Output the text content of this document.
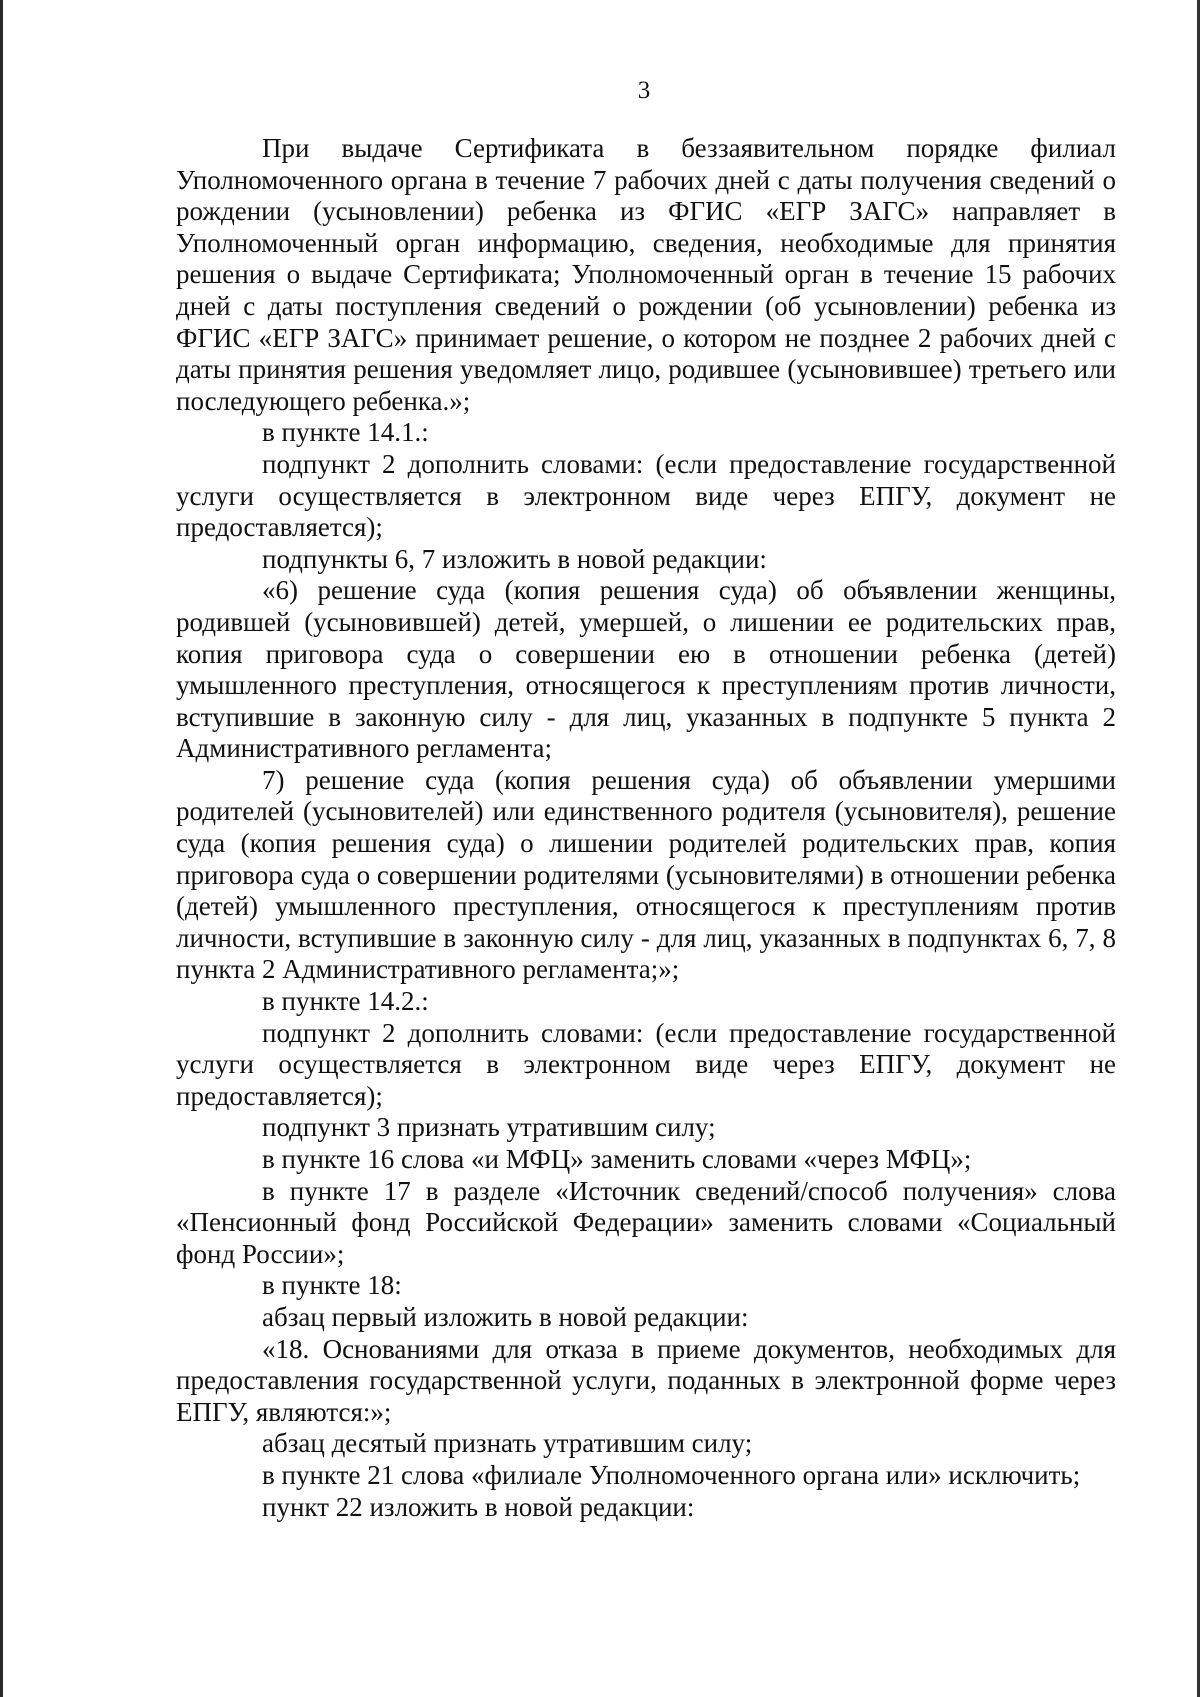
3

При выдаче Сертификата в беззаявительном порядке филиал Уполномоченного органа в течение 7 рабочих дней с даты получения сведений о рождении (усыновлении) ребенка из ФГИС «ЕГР ЗАГС» направляет в Уполномоченный орган информацию, сведения, необходимые для принятия решения о выдаче Сертификата; Уполномоченный орган в течение 15 рабочих дней с даты поступления сведений о рождении (об усыновлении) ребенка из ФГИС «ЕГР ЗАГС» принимает решение, о котором не позднее 2 рабочих дней с даты принятия решения уведомляет лицо, родившее (усыновившее) третьего или последующего ребенка.»;

в пункте 14.1.:

подпункт 2 дополнить словами: (если предоставление государственной услуги осуществляется в электронном виде через ЕПГУ, документ не предоставляется);

подпункты 6, 7 изложить в новой редакции:

«6) решение суда (копия решения суда) об объявлении женщины, родившей (усыновившей) детей, умершей, о лишении ее родительских прав, копия приговора суда о совершении ею в отношении ребенка (детей) умышленного преступления, относящегося к преступлениям против личности, вступившие в законную силу - для лиц, указанных в подпункте 5 пункта 2 Административного регламента;

7) решение суда (копия решения суда) об объявлении умершими родителей (усыновителей) или единственного родителя (усыновителя), решение суда (копия решения суда) о лишении родителей родительских прав, копия приговора суда о совершении родителями (усыновителями) в отношении ребенка (детей) умышленного преступления, относящегося к преступлениям против личности, вступившие в законную силу - для лиц, указанных в подпунктах 6, 7, 8 пункта 2 Административного регламента;»;

в пункте 14.2.:

подпункт 2 дополнить словами: (если предоставление государственной услуги осуществляется в электронном виде через ЕПГУ, документ не предоставляется);

подпункт 3 признать утратившим силу;

в пункте 16 слова «и МФЦ» заменить словами «через МФЦ»;

в пункте 17 в разделе «Источник сведений/способ получения» слова «Пенсионный фонд Российской Федерации» заменить словами «Социальный фонд России»;

в пункте 18:

абзац первый изложить в новой редакции:

«18. Основаниями для отказа в приеме документов, необходимых для предоставления государственной услуги, поданных в электронной форме через ЕПГУ, являются:»;

абзац десятый признать утратившим силу;

в пункте 21 слова «филиале Уполномоченного органа или» исключить;

пункт 22 изложить в новой редакции:
